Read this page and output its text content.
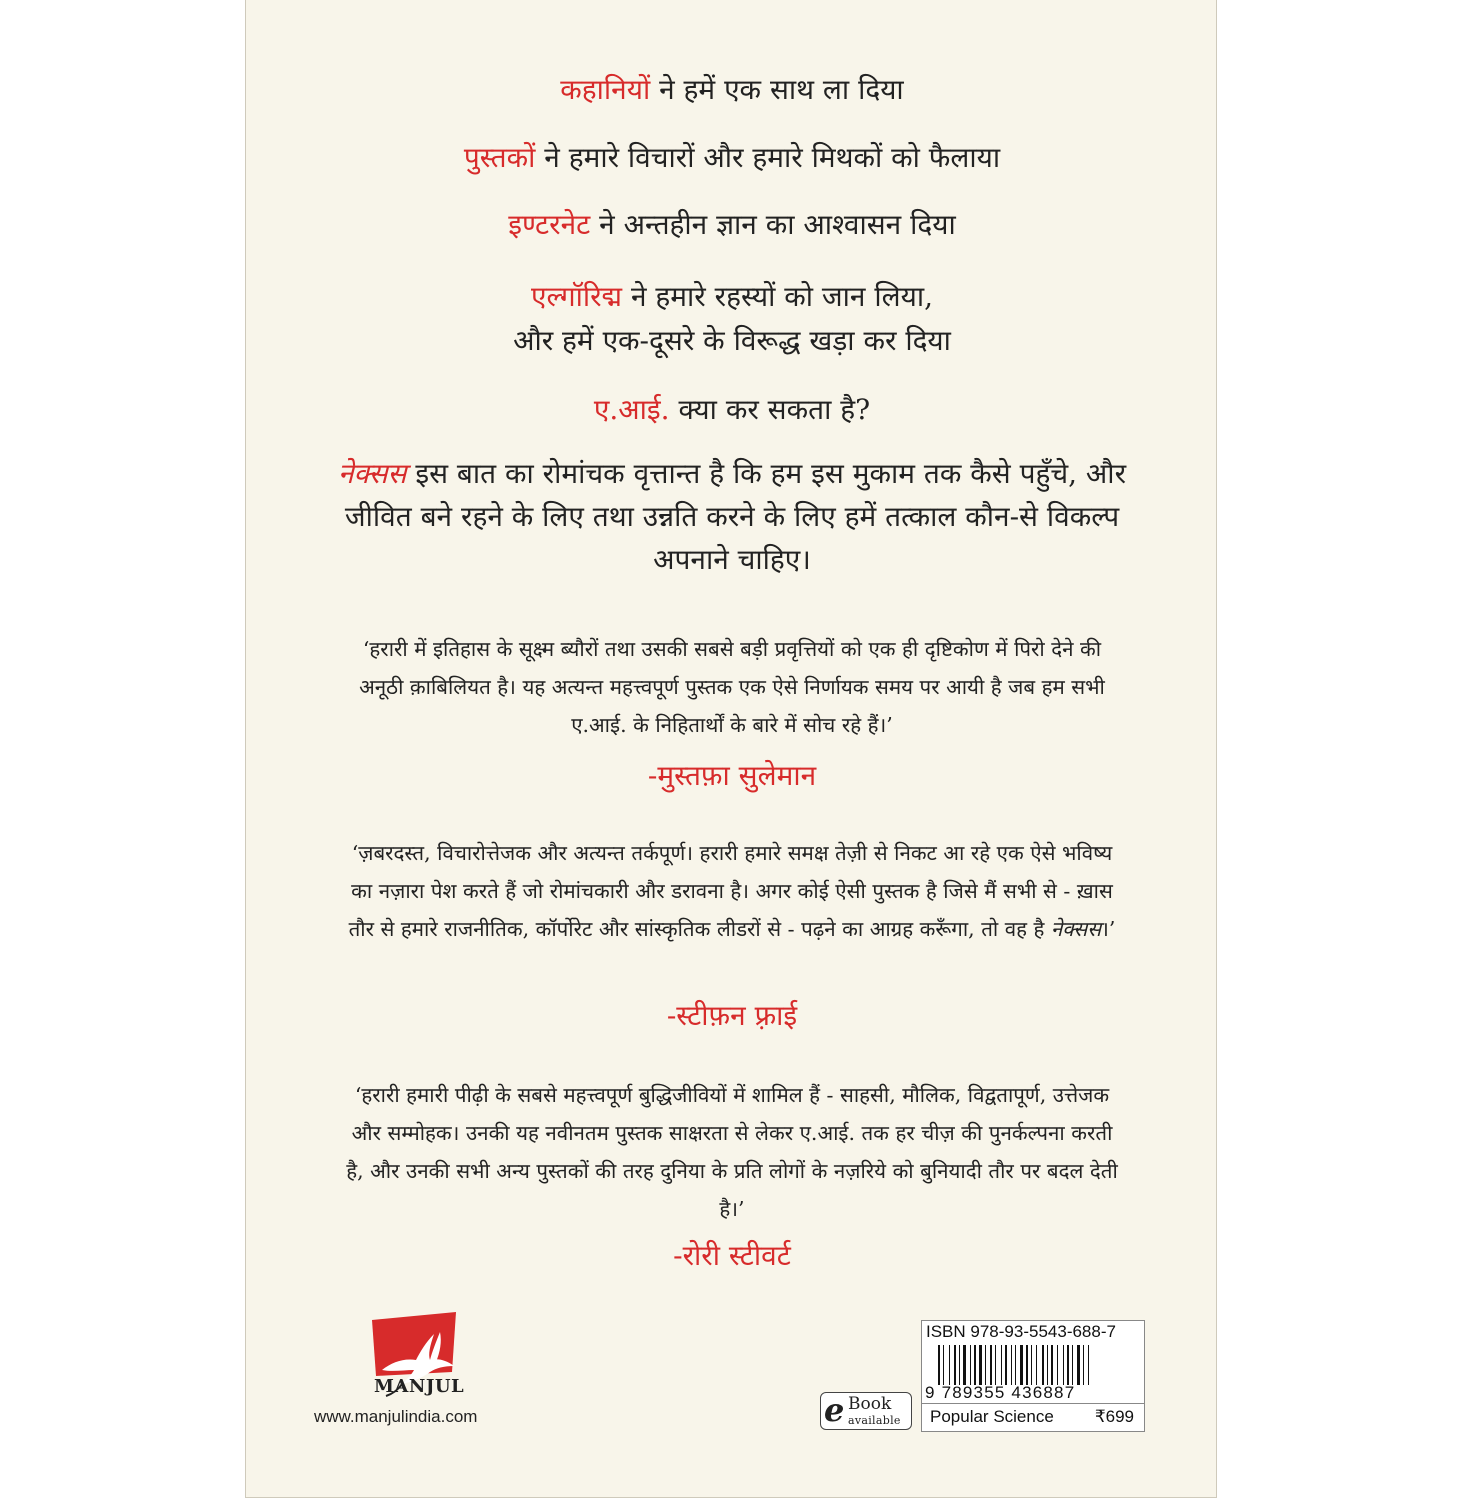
कहानियों ने हमें एक साथ ला दिया
पुस्तकों ने हमारे विचारों और हमारे मिथकों को फैलाया
इण्टरनेट ने अन्तहीन ज्ञान का आश्वासन दिया
एल्गॉरिद्म ने हमारे रहस्यों को जान लिया,
और हमें एक-दूसरे के विरूद्ध खड़ा कर दिया
ए.आई. क्या कर सकता है?
नेक्सस इस बात का रोमांचक वृत्तान्त है कि हम इस मुकाम तक कैसे पहुँचे, और जीवित बने रहने के लिए तथा उन्नति करने के लिए हमें तत्काल कौन-से विकल्प अपनाने चाहिए।
‘हरारी में इतिहास के सूक्ष्म ब्यौरों तथा उसकी सबसे बड़ी प्रवृत्तियों को एक ही दृष्टिकोण में पिरो देने की अनूठी क़ाबिलियत है। यह अत्यन्त महत्त्वपूर्ण पुस्तक एक ऐसे निर्णायक समय पर आयी है जब हम सभी ए.आई. के निहितार्थों के बारे में सोच रहे हैं।’
-मुस्तफ़ा सुलेमान
‘ज़बरदस्त, विचारोत्तेजक और अत्यन्त तर्कपूर्ण। हरारी हमारे समक्ष तेज़ी से निकट आ रहे एक ऐसे भविष्य का नज़ारा पेश करते हैं जो रोमांचकारी और डरावना है। अगर कोई ऐसी पुस्तक है जिसे मैं सभी से - ख़ास तौर से हमारे राजनीतिक, कॉर्पोरेट और सांस्कृतिक लीडरों से - पढ़ने का आग्रह करूँगा, तो वह है नेक्सस।’
-स्टीफ़न फ़्राई
‘हरारी हमारी पीढ़ी के सबसे महत्त्वपूर्ण बुद्धिजीवियों में शामिल हैं - साहसी, मौलिक, विद्वतापूर्ण, उत्तेजक और सम्मोहक। उनकी यह नवीनतम पुस्तक साक्षरता से लेकर ए.आई. तक हर चीज़ की पुनर्कल्पना करती है, और उनकी सभी अन्य पुस्तकों की तरह दुनिया के प्रति लोगों के नज़रिये को बुनियादी तौर पर बदल देती है।’
-रोरी स्टीवर्ट
MANJUL
www.manjulindia.com	e Book
available
ISBN 978-93-5543-688-7
9 789355 436887
Popular Science ₹699
